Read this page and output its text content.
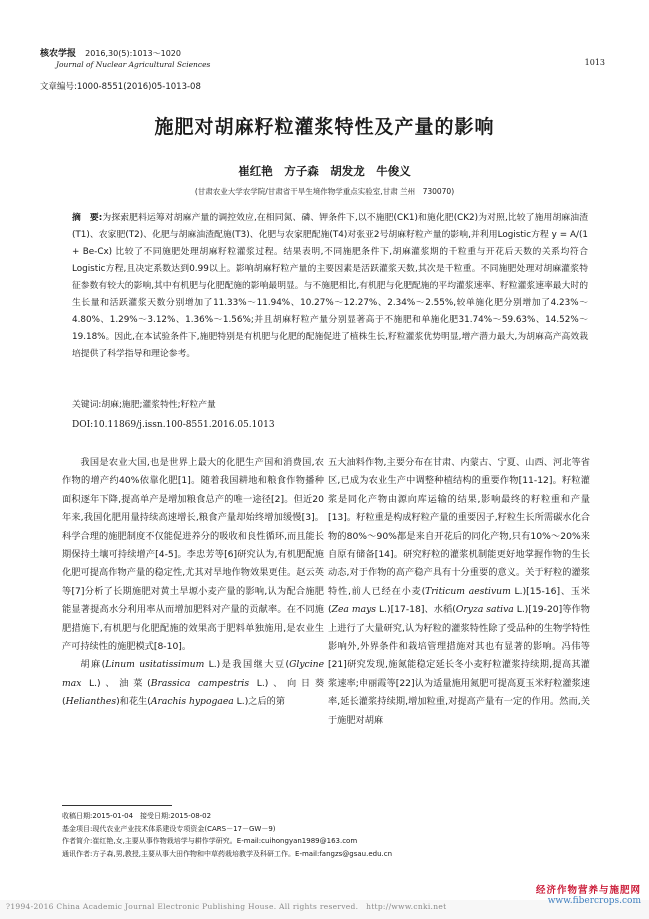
核农学报 2016,30(5):1013～1020
Journal of Nuclear Agricultural Sciences	1013
文章编号:1000-8551(2016)05-1013-08
施肥对胡麻籽粒灌浆特性及产量的影响
崔红艳　方子森　胡发龙　牛俊义
(甘肃农业大学农学院/甘肃省干旱生境作物学重点实验室,甘肃 兰州　730070)
摘　要:为探索肥料运筹对胡麻产量的调控效应,在相同氮、磷、钾条件下,以不施肥(CK1)和施化肥(CK2)为对照,比较了施用胡麻油渣(T1)、农家肥(T2)、化肥与胡麻油渣配施(T3)、化肥与农家肥配施(T4)对张亚2号胡麻籽粒产量的影响,并利用Logistic方程 y = A/(1 + Be-Cx) 比较了不同施肥处理胡麻籽粒灌浆过程。结果表明,不同施肥条件下,胡麻灌浆期的千粒重与开花后天数的关系均符合Logistic方程,且决定系数达到0.99以上。影响胡麻籽粒产量的主要因素是活跃灌浆天数,其次是千粒重。不同施肥处理对胡麻灌浆特征参数有较大的影响,其中有机肥与化肥配施的影响最明显。与不施肥相比,有机肥与化肥配施的平均灌浆速率、籽粒灌浆速率最大时的生长量和活跃灌浆天数分别增加了11.33%～11.94%、10.27%～12.27%、2.34%～2.55%,较单施化肥分别增加了4.23%～4.80%、1.29%～3.12%、1.36%～1.56%;并且胡麻籽粒产量分别显著高于不施肥和单施化肥31.74%～59.63%、14.52%～19.18%。因此,在本试验条件下,施肥特别是有机肥与化肥的配施促进了植株生长,籽粒灌浆优势明显,增产潜力最大,为胡麻高产高效栽培提供了科学指导和理论参考。
关键词:胡麻;施肥;灌浆特性;籽粒产量
DOI:10.11869/j.issn.100-8551.2016.05.1013

我国是农业大国,也是世界上最大的化肥生产国和消费国,农作物的增产约40%依靠化肥[1]。随着我国耕地和粮食作物播种面积逐年下降,提高单产是增加粮食总产的唯一途径[2]。但近20年来,我国化肥用量持续高速增长,粮食产量却始终增加缓慢[3]。科学合理的施肥制度不仅能促进养分的吸收和良性循环,而且能长期保持土壤可持续增产[4-5]。李忠芳等[6]研究认为,有机肥配施化肥可提高作物产量的稳定性,尤其对旱地作物效果更佳。赵云英等[7]分析了长期施肥对黄土旱塬小麦产量的影响,认为配合施肥能显著提高水分利用率从而增加肥料对产量的贡献率。在不同施肥措施下,有机肥与化肥配施的效果高于肥料单独施用,是农业生产可持续性的施肥模式[8-10]。

胡麻(Linum usitatissimum L.)是我国继大豆(Glycine max L.)、油菜(Brassica campestris L.)、向日葵(Helianthes)和花生(Arachis hypogaea L.)之后的第

五大油料作物,主要分布在甘肃、内蒙古、宁夏、山西、河北等省区,已成为农业生产中调整种植结构的重要作物[11-12]。籽粒灌浆是同化产物由源向库运输的结果,影响最终的籽粒重和产量[13]。籽粒重是构成籽粒产量的重要因子,籽粒生长所需碳水化合物的80%～90%都是来自开花后的同化产物,只有10%～20%来自原有储备[14]。研究籽粒的灌浆机制能更好地掌握作物的生长动态,对于作物的高产稳产具有十分重要的意义。关于籽粒的灌浆特性,前人已经在小麦(Triticum aestivum L.)[15-16]、玉米(Zea mays L.)[17-18]、水稻(Oryza sativa L.)[19-20]等作物上进行了大量研究,认为籽粒的灌浆特性除了受品种的生物学特性影响外,外界条件和栽培管理措施对其也有显著的影响。冯伟等[21]研究发现,施氮能稳定延长冬小麦籽粒灌浆持续期,提高其灌浆速率;申丽霞等[22]认为适量施用氮肥可提高夏玉米籽粒灌浆速率,延长灌浆持续期,增加粒重,对提高产量有一定的作用。然而,关于施肥对胡麻

收稿日期:2015-01-04　接受日期:2015-08-02
基金项目:现代农业产业技术体系建设专项资金(CARS－17－GW－9)
作者简介:崔红艳,女,主要从事作物栽培学与耕作学研究。E-mail:cuihongyan1989@163.com
通讯作者:方子森,男,教授,主要从事大田作物和中草药栽培教学及科研工作。E-mail:fangzs@gsau.edu.cn
?1994-2016 China Academic Journal Electronic Publishing House. All rights reserved.　http://www.cnki.net
经济作物营养与施肥网
www.fibercrops.com
